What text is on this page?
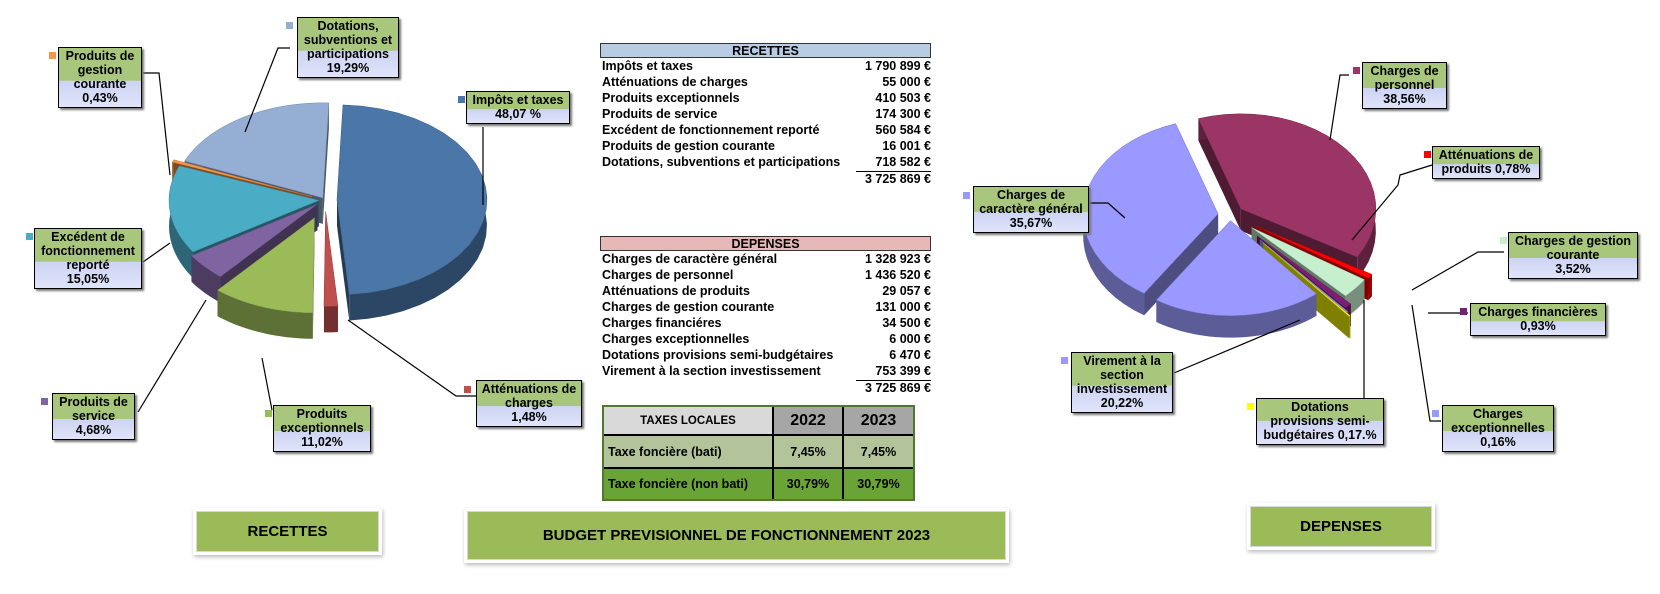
Impôts et taxes
48,07 %
Atténuations de charges
1,48%
Produits exceptionnels
11,02%
Produits de service
4,68%
Excédent de fonctionnement reporté
15,05%
Produits de gestion courante
0,43%
Dotations, subventions et participations
19,29%	Charges de personnel
38,56%
Atténuations de produits 0,78%
Charges de gestion courante
3,52%
Charges financières
0,93%
Charges exceptionnelles
0,16%
Dotations provisions semi-budgétaires 0,17.%
Virement à la section investissement
20,22%
Charges de caractère général
35,67%
RECETTES
Impôts et taxes	1 790 899 €
Atténuations de charges	55 000 €
Produits exceptionnels	410 503 €
Produits de service	174 300 €
Excédent de fonctionnement reporté	560 584 €
Produits de gestion courante	16 001 €
Dotations, subventions et participations	718 582 €
3 725 869 €
DEPENSES
Charges de caractère général	1 328 923 €
Charges de personnel	1 436 520 €
Atténuations de produits	29 057 €
Charges de gestion courante	131 000 €
Charges financiéres	34 500 €
Charges exceptionnelles	6 000 €
Dotations provisions semi-budgétaires	6 470 €
Virement à la section investissement	753 399 €
3 725 869 €
TAXES LOCALES	2022	2023
Taxe foncière (bati)	7,45%	7,45%
Taxe foncière (non bati)	30,79%	30,79%
RECETTES	BUDGET PREVISIONNEL DE FONCTIONNEMENT 2023
DEPENSES
